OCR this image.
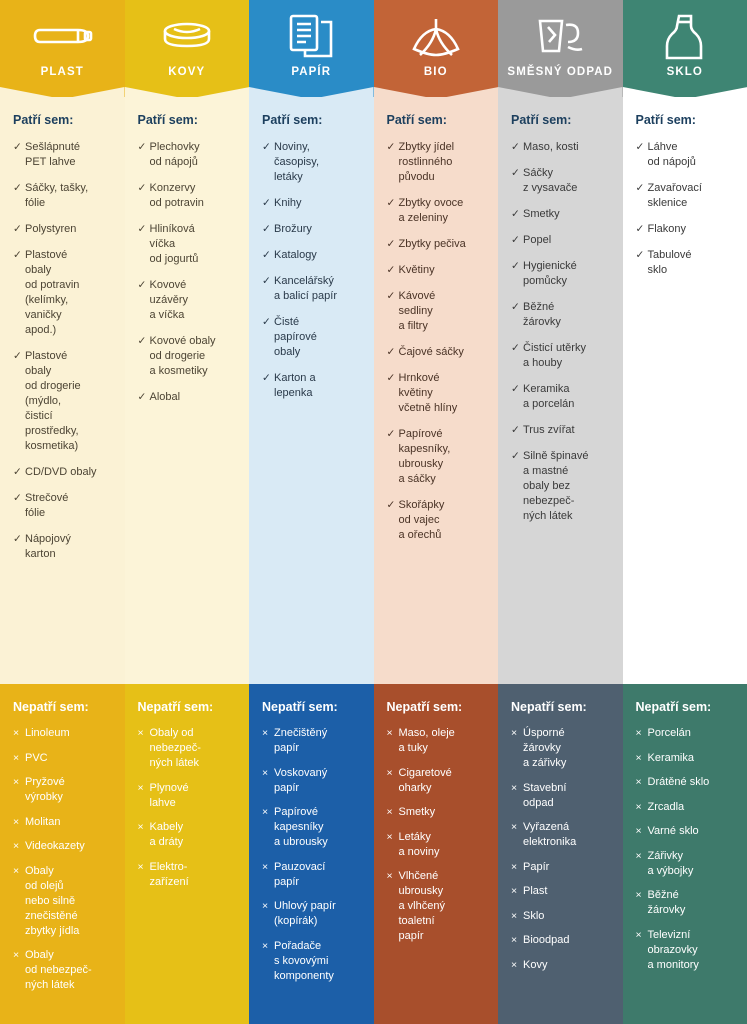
PLAST
Patří sem:
✓ Sešlápnuté
PET lahve
✓ Sáčky, tašky,
fólie
✓ Polystyren
✓ Plastové
obaly
od potravin
(kelímky,
vaničky
apod.)
✓ Plastové
obaly
od drogerie
(mýdlo,
čisticí
prostředky,
kosmetika)
✓ CD/DVD obaly
✓ Strečové
fólie
✓ Nápojový
karton
Nepatří sem:
× Linoleum
× PVC
× Pryžové
výrobky
× Molitan
× Videokazety
× Obaly
od olejů
nebo silně
znečistěné
zbytky jídla
× Obaly
od nebezpeč-
ných látek
KOVY
Patří sem:
✓ Plechovky
od nápojů
✓ Konzervy
od potravin
✓ Hliníková
víčka
od jogurtů
✓ Kovové
uzávěry
a víčka
✓ Kovové obaly
od drogerie
a kosmetiky
✓ Alobal
Nepatří sem:
× Obaly od
nebezpeč-
ných látek
× Plynové
lahve
× Kabely
a dráty
× Elektro-
zařízení
PAPÍR
Patří sem:
✓ Noviny,
časopisy,
letáky
✓ Knihy
✓ Brožury
✓ Katalogy
✓ Kancelářský
a balicí papír
✓ Čisté
papírové
obaly
✓ Karton a
lepenka
Nepatří sem:
× Znečištěný
papír
× Voskovaný
papír
× Papírové
kapesníky
a ubrousky
× Pauzovací
papír
× Uhlový papír
(kopírák)
× Pořadače
s kovovými
komponenty
BIO
Patří sem:
✓ Zbytky jídel
rostlinného
původu
✓ Zbytky ovoce
a zeleniny
✓ Zbytky pečiva
✓ Květiny
✓ Kávové
sedliny
a filtry
✓ Čajové sáčky
✓ Hrnkové
květiny
včetně hlíny
✓ Papírové
kapesníky,
ubrousky
a sáčky
✓ Skořápky
od vajec
a ořechů
Nepatří sem:
× Maso, oleje
a tuky
× Cigaretové
oharky
× Smetky
× Letáky
a noviny
× Vlhčené
ubrousky
a vlhčený
toaletní
papír
SMĚSNÝ ODPAD
Patří sem:
✓ Maso, kosti
✓ Sáčky
z vysavače
✓ Smetky
✓ Popel
✓ Hygienické
pomůcky
✓ Běžné
žárovky
✓ Čisticí utěrky
a houby
✓ Keramika
a porcelán
✓ Trus zvířat
✓ Silně špinavé
a mastné
obaly bez
nebezpeč-
ných látek
Nepatří sem:
× Úsporné
žárovky
a zářivky
× Stavební
odpad
× Vyřazená
elektronika
× Papír
× Plast
× Sklo
× Bioodpad
× Kovy
SKLO
Patří sem:
✓ Láhve
od nápojů
✓ Zavařovací
sklenice
✓ Flakony
✓ Tabulové
sklo
Nepatří sem:
× Porcelán
× Keramika
× Drátěné sklo
× Zrcadla
× Varné sklo
× Zářivky
a výbojky
× Běžné
žárovky
× Televizní
obrazovky
a monitory
